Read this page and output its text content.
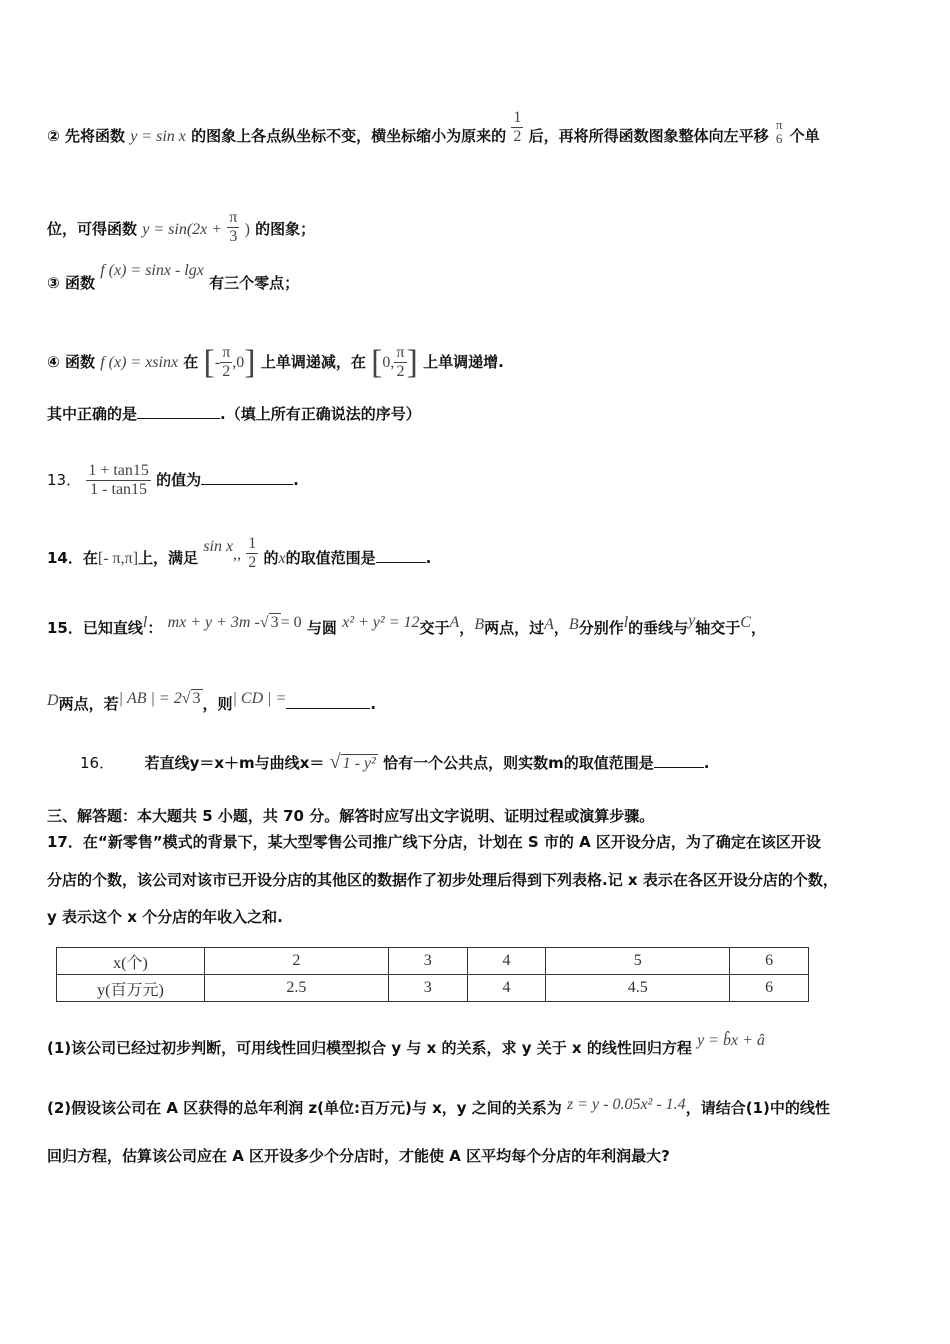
② 先将函数 y = sin x 的图象上各点纵坐标不变，横坐标缩小为原来的 $\frac{1}{2}$ 后，再将所得函数图象整体向左平移
π
6 个单
位，可得函数 $y = \sin(2x + \frac{\pi}{3}$ ) 的图象；
③ 函数 f (x) = sinx - lgx 有三个零点；
④ 函数 f (x) = xsinx 在 [- $\frac{\pi}{2} ,0$] 上单调递减，在 [0, $\frac{\pi}{2}$ ] 上单调递增.
其中正确的是	.（填上所有正确说法的序号）
13． $\frac{1 + \tan 15}{1 - \tan 15}$ 的值为	.
14．在[- π,π]上，满足 sin x,, $\frac{1}{2}$ 的x的取值范围是	.
15．已知直线l： mx + y + 3m -√ 3 = 0 与圆 x² + y² = 12交于A，B两点，过A，B分别作l的垂线与y轴交于C，
D两点，若| AB | = 2√ 3 ，则| CD | =	.
16． 若直线y＝x＋m与曲线x＝ √ 1 - y² 恰有一个公共点，则实数m的取值范围是	.
三、解答题：本大题共 5 小题，共 70 分。解答时应写出文字说明、证明过程或演算步骤。
17．在“新零售”模式的背景下，某大型零售公司推广线下分店，计划在 S 市的 A 区开设分店，为了确定在该区开设
分店的个数，该公司对该市已开设分店的其他区的数据作了初步处理后得到下列表格.记 x 表示在各区开设分店的个数，
y 表示这个 x 个分店的年收入之和.
x(个)	2	3	4	5	6
y(百万元)	2.5	3	4	4.5	6
(1)该公司已经过初步判断，可用线性回归模型拟合 y 与 x 的关系，求 y 关于 x 的线性回归方程 y = b̂x + â
(2)假设该公司在 A 区获得的总年利润 z(单位:百万元)与 x，y 之间的关系为 z = y - 0.05x² - 1.4，请结合(1)中的线性
回归方程，估算该公司应在 A 区开设多少个分店时，才能使 A 区平均每个分店的年利润最大?
